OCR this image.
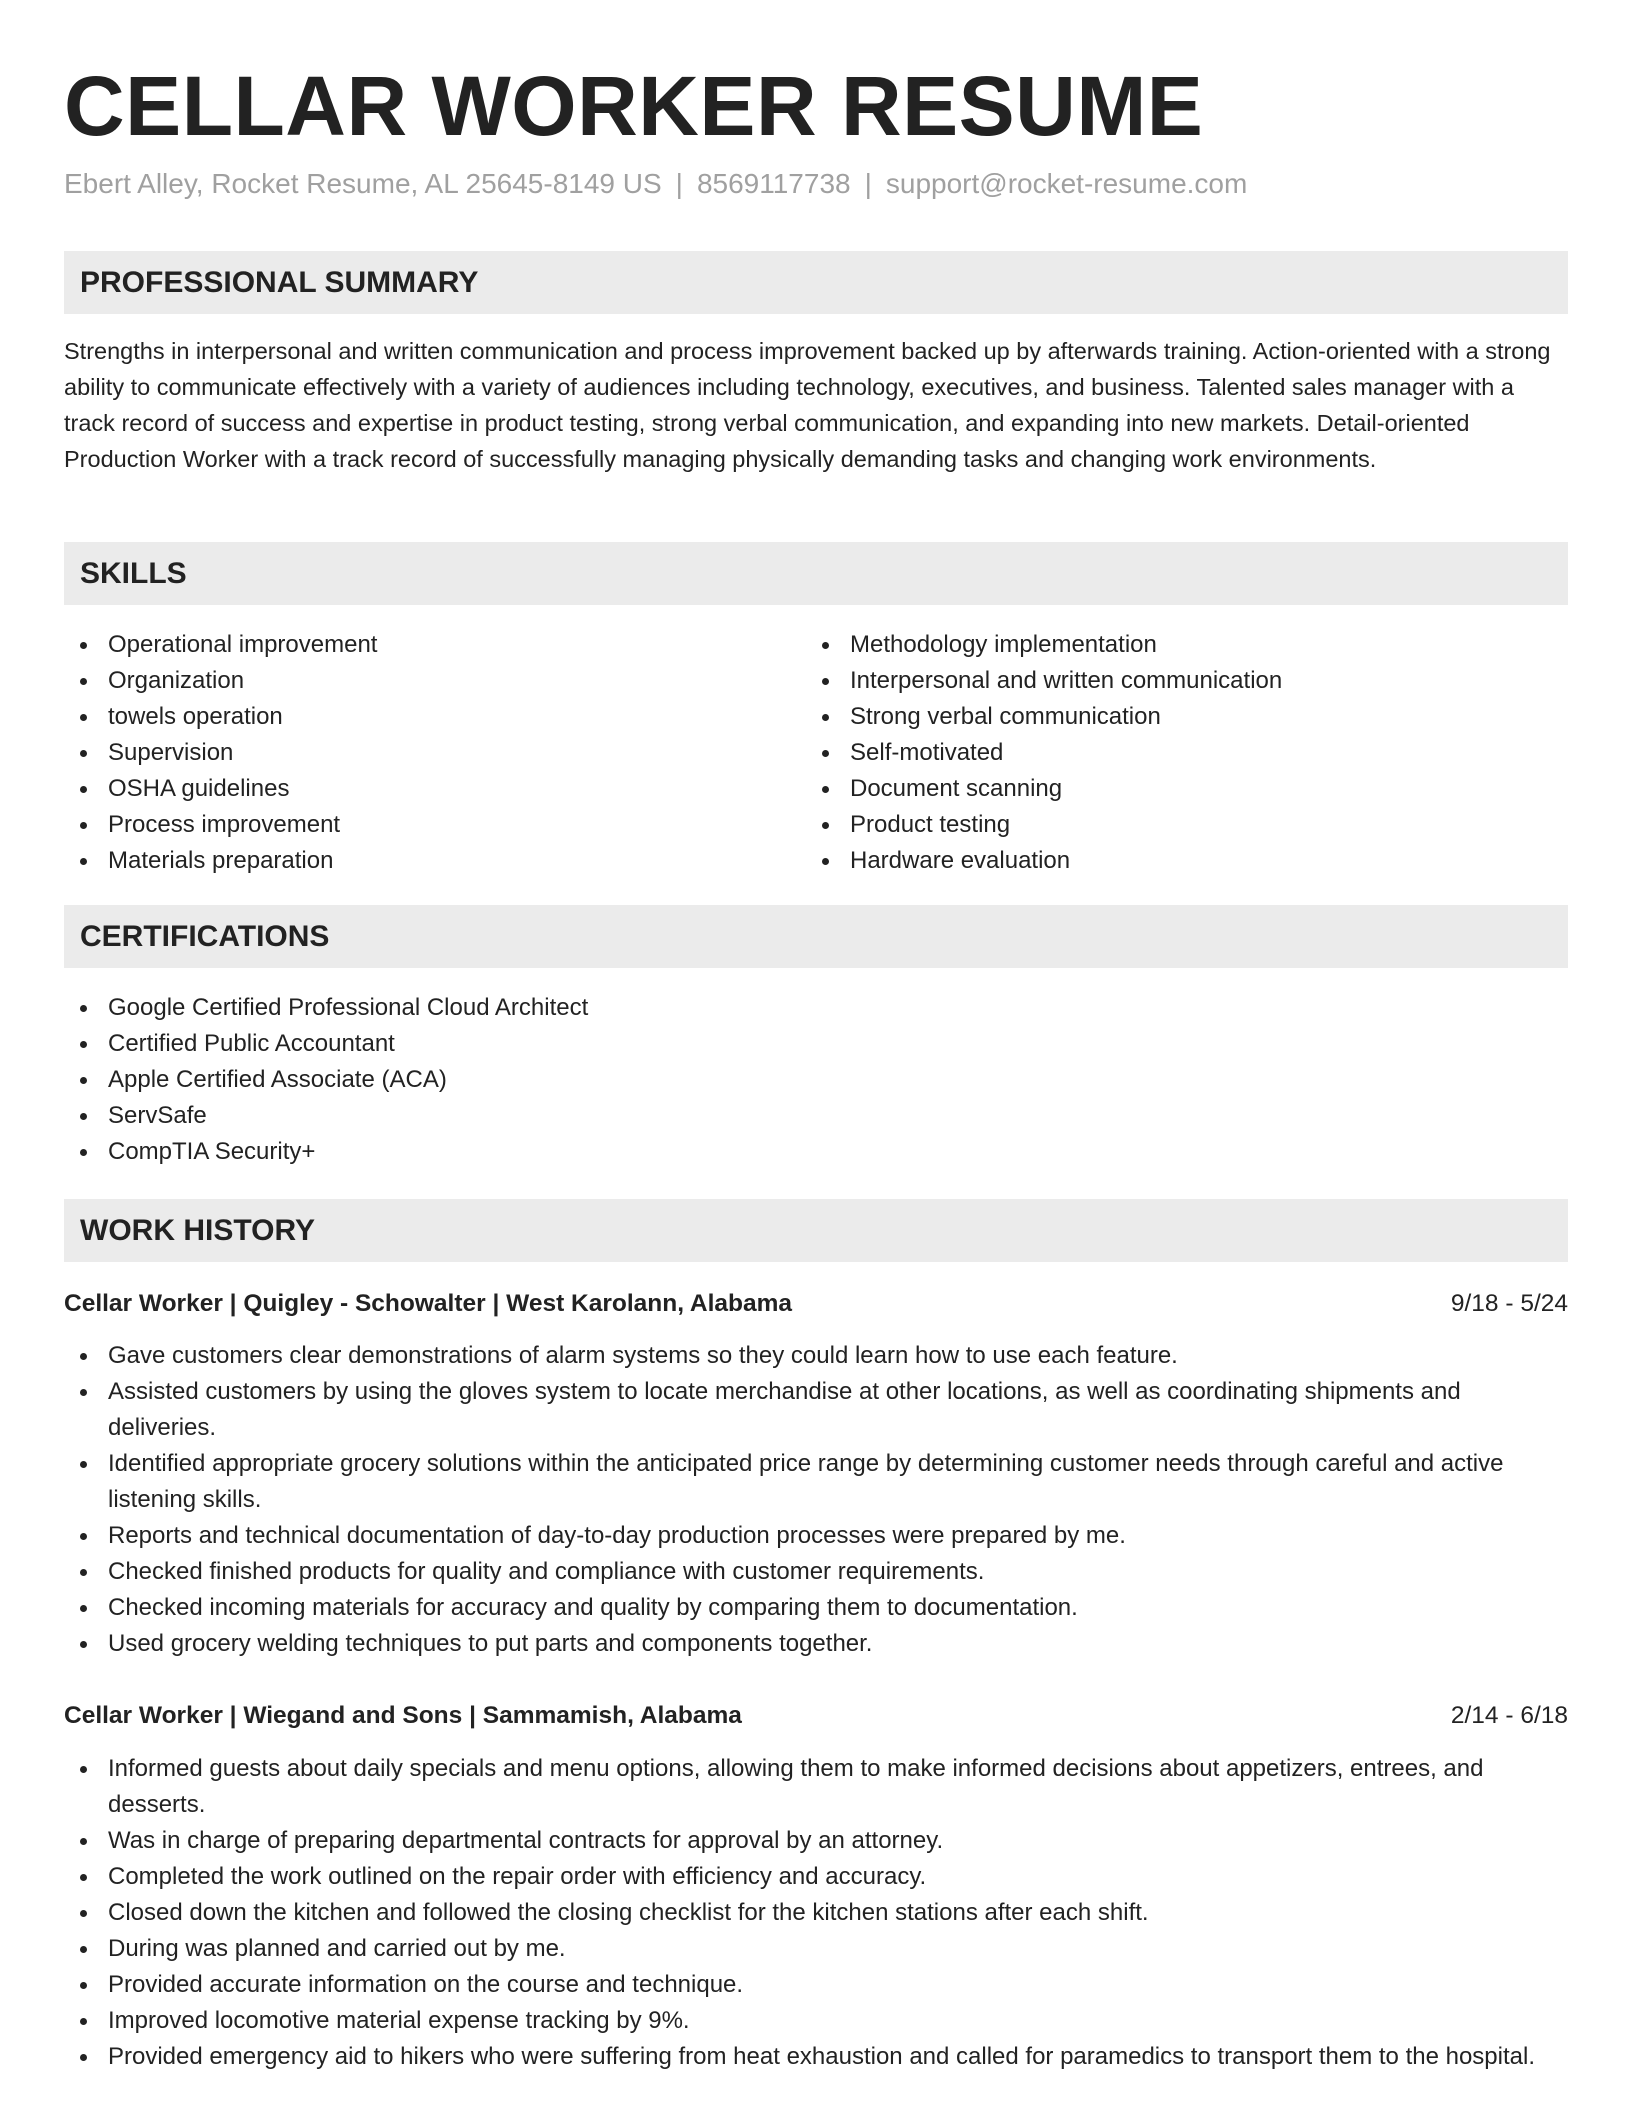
CELLAR WORKER RESUME
Ebert Alley, Rocket Resume, AL 25645-8149 US | 8569117738 | support@rocket-resume.com
PROFESSIONAL SUMMARY

Strengths in interpersonal and written communication and process improvement backed up by afterwards training. Action-oriented with a strong ability to communicate effectively with a variety of audiences including technology, executives, and business. Talented sales manager with a track record of success and expertise in product testing, strong verbal communication, and expanding into new markets. Detail-oriented Production Worker with a track record of successfully managing physically demanding tasks and changing work environments.

SKILLS
Operational improvement
Organization
towels operation
Supervision
OSHA guidelines
Process improvement
Materials preparation
Methodology implementation
Interpersonal and written communication
Strong verbal communication
Self-motivated
Document scanning
Product testing
Hardware evaluation
CERTIFICATIONS
Google Certified Professional Cloud Architect
Certified Public Accountant
Apple Certified Associate (ACA)
ServSafe
CompTIA Security+
WORK HISTORY
Cellar Worker | Quigley - Schowalter | West Karolann, Alabama	9/18 - 5/24
Gave customers clear demonstrations of alarm systems so they could learn how to use each feature.
Assisted customers by using the gloves system to locate merchandise at other locations, as well as coordinating shipments and deliveries.
Identified appropriate grocery solutions within the anticipated price range by determining customer needs through careful and active listening skills.
Reports and technical documentation of day-to-day production processes were prepared by me.
Checked finished products for quality and compliance with customer requirements.
Checked incoming materials for accuracy and quality by comparing them to documentation.
Used grocery welding techniques to put parts and components together.
Cellar Worker | Wiegand and Sons | Sammamish, Alabama	2/14 - 6/18
Informed guests about daily specials and menu options, allowing them to make informed decisions about appetizers, entrees, and desserts.
Was in charge of preparing departmental contracts for approval by an attorney.
Completed the work outlined on the repair order with efficiency and accuracy.
Closed down the kitchen and followed the closing checklist for the kitchen stations after each shift.
During was planned and carried out by me.
Provided accurate information on the course and technique.
Improved locomotive material expense tracking by 9%.
Provided emergency aid to hikers who were suffering from heat exhaustion and called for paramedics to transport them to the hospital.
